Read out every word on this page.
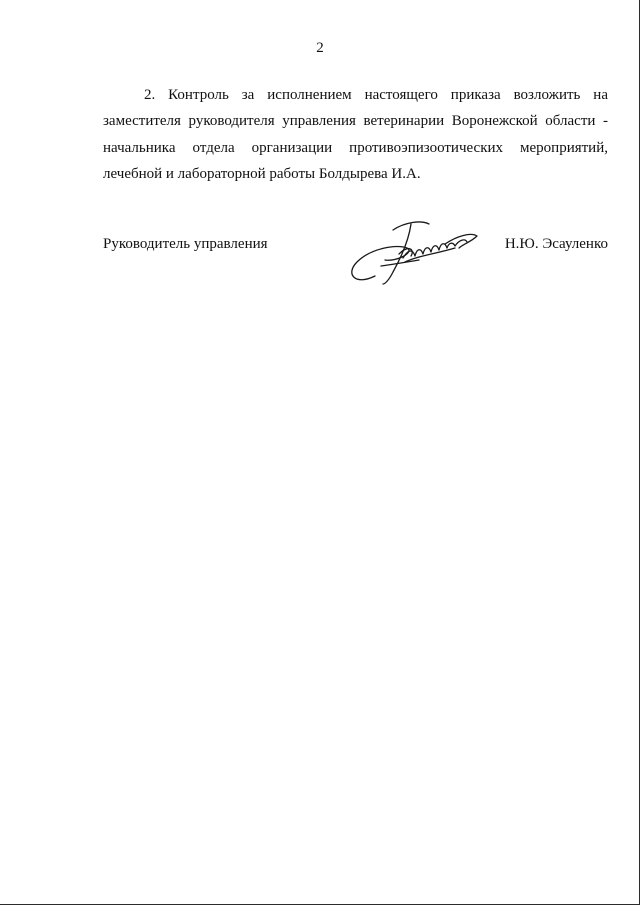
2
2. Контроль за исполнением настоящего приказа возложить на
заместителя руководителя управления ветеринарии Воронежской области -
начальника отдела организации противоэпизоотических мероприятий,
лечебной и лабораторной работы Болдырева И.А.
Руководитель управления	Н.Ю. Эсауленко
